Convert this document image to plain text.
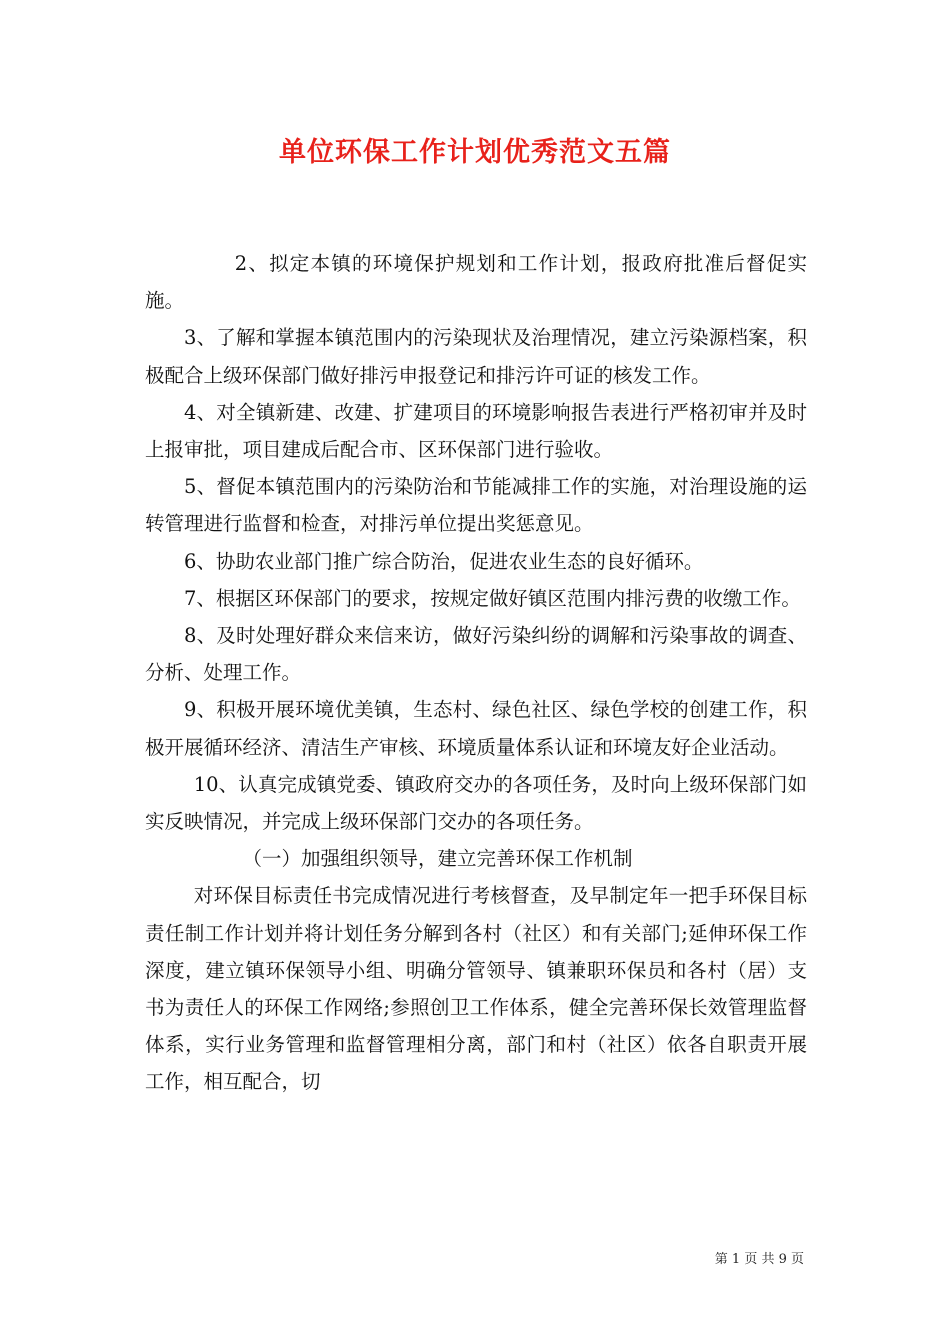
单位环保工作计划优秀范文五篇

2、拟定本镇的环境保护规划和工作计划，报政府批准后督促实施。

3、了解和掌握本镇范围内的污染现状及治理情况，建立污染源档案，积极配合上级环保部门做好排污申报登记和排污许可证的核发工作。

4、对全镇新建、改建、扩建项目的环境影响报告表进行严格初审并及时上报审批，项目建成后配合市、区环保部门进行验收。

5、督促本镇范围内的污染防治和节能减排工作的实施，对治理设施的运转管理进行监督和检查，对排污单位提出奖惩意见。

6、协助农业部门推广综合防治，促进农业生态的良好循环。

7、根据区环保部门的要求，按规定做好镇区范围内排污费的收缴工作。

8、及时处理好群众来信来访，做好污染纠纷的调解和污染事故的调查、分析、处理工作。

9、积极开展环境优美镇，生态村、绿色社区、绿色学校的创建工作，积极开展循环经济、清洁生产审核、环境质量体系认证和环境友好企业活动。

10、认真完成镇党委、镇政府交办的各项任务，及时向上级环保部门如实反映情况，并完成上级环保部门交办的各项任务。

（一）加强组织领导，建立完善环保工作机制

对环保目标责任书完成情况进行考核督查，及早制定年一把手环保目标责任制工作计划并将计划任务分解到各村（社区）和有关部门;延伸环保工作深度，建立镇环保领导小组、明确分管领导、镇兼职环保员和各村（居）支书为责任人的环保工作网络;参照创卫工作体系，健全完善环保长效管理监督体系，实行业务管理和监督管理相分离，部门和村（社区）依各自职责开展工作，相互配合，切

第 1 页 共 9 页
